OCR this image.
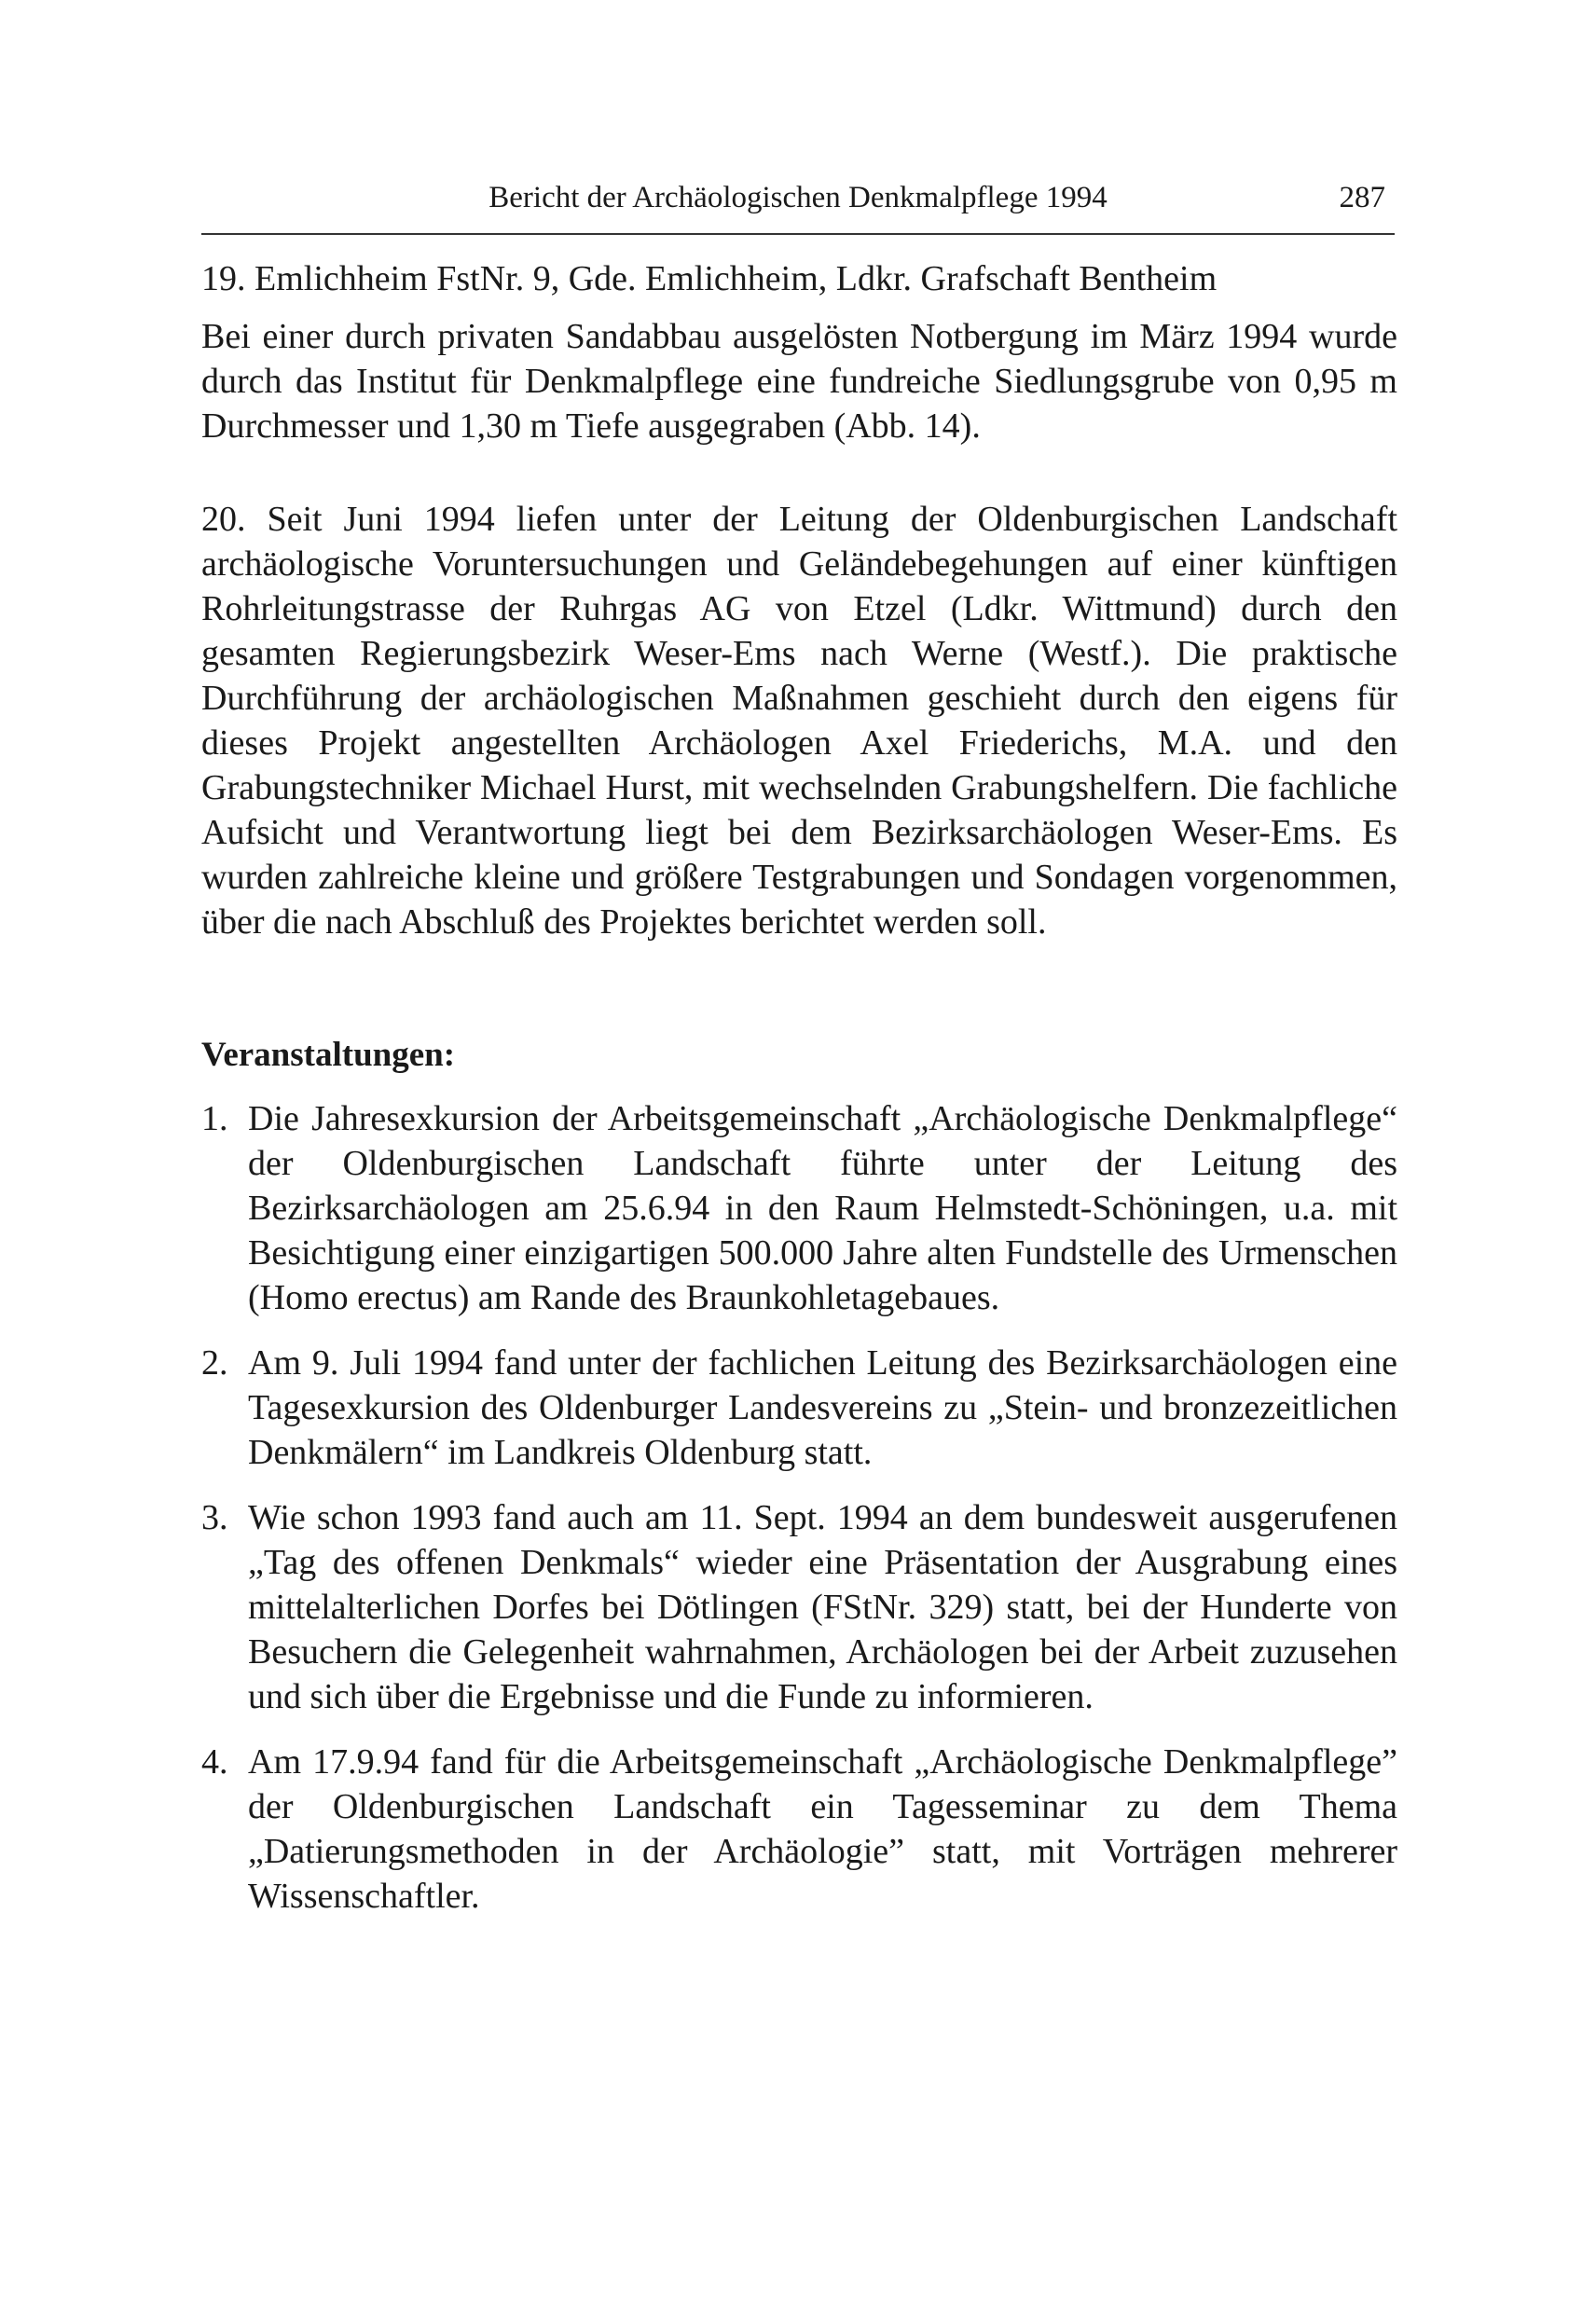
Bericht der Archäologischen Denkmalpflege 1994	287
19. Emlichheim FstNr. 9, Gde. Emlichheim, Ldkr. Grafschaft Bentheim

Bei einer durch privaten Sandabbau ausgelösten Notbergung im März 1994 wurde durch das Institut für Denkmalpflege eine fundreiche Siedlungsgrube von 0,95 m Durchmesser und 1,30 m Tiefe ausgegraben (Abb. 14).

20. Seit Juni 1994 liefen unter der Leitung der Oldenburgischen Landschaft archäologische Voruntersuchungen und Geländebegehungen auf einer künftigen Rohrleitungstrasse der Ruhrgas AG von Etzel (Ldkr. Wittmund) durch den gesamten Regierungsbezirk Weser-Ems nach Werne (Westf.). Die praktische Durchführung der archäologischen Maßnahmen geschieht durch den eigens für dieses Projekt angestellten Archäologen Axel Friederichs, M.A. und den Grabungstechniker Michael Hurst, mit wechselnden Grabungshelfern. Die fachliche Aufsicht und Verantwortung liegt bei dem Bezirksarchäologen Weser-Ems. Es wurden zahlreiche kleine und größere Testgrabungen und Sondagen vorgenommen, über die nach Abschluß des Projektes berichtet werden soll.

Veranstaltungen:
1. Die Jahresexkursion der Arbeitsgemeinschaft „Archäologische Denkmalpflege“ der Oldenburgischen Landschaft führte unter der Leitung des Bezirksarchäologen am 25.6.94 in den Raum Helmstedt-Schöningen, u.a. mit Besichtigung einer einzigartigen 500.000 Jahre alten Fundstelle des Urmenschen (Homo erectus) am Rande des Braunkohletagebaues.
2. Am 9. Juli 1994 fand unter der fachlichen Leitung des Bezirksarchäologen eine Tagesexkursion des Oldenburger Landesvereins zu „Stein- und bronzezeitlichen Denkmälern“ im Landkreis Oldenburg statt.
3. Wie schon 1993 fand auch am 11. Sept. 1994 an dem bundesweit ausgerufenen „Tag des offenen Denkmals“ wieder eine Präsentation der Ausgrabung eines mittelalterlichen Dorfes bei Dötlingen (FStNr. 329) statt, bei der Hunderte von Besuchern die Gelegenheit wahrnahmen, Archäologen bei der Arbeit zuzusehen und sich über die Ergebnisse und die Funde zu informieren.
4. Am 17.9.94 fand für die Arbeitsgemeinschaft „Archäologische Denkmalpflege” der Oldenburgischen Landschaft ein Tagesseminar zu dem Thema „Datierungsmethoden in der Archäologie” statt, mit Vorträgen mehrerer Wissenschaftler.
